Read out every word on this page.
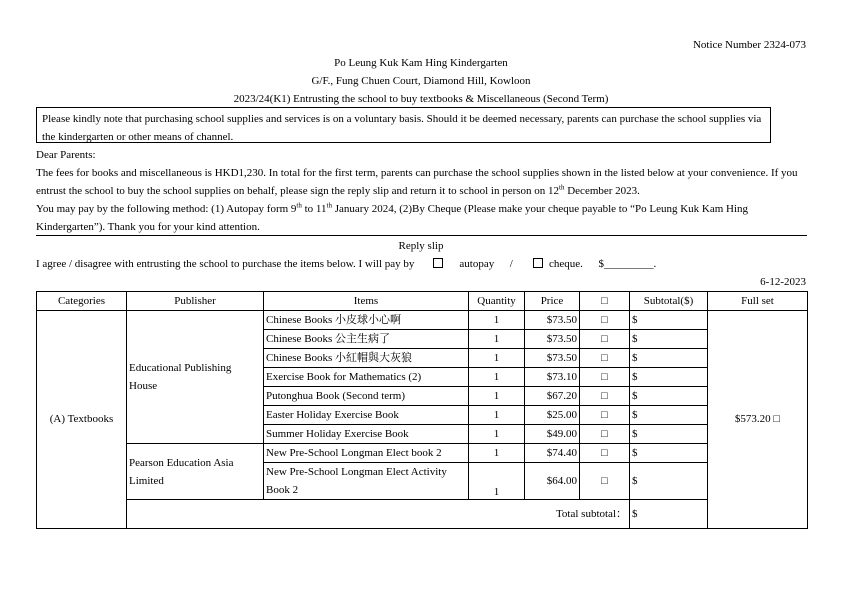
Notice Number 2324-073
Po Leung Kuk Kam Hing Kindergarten
G/F., Fung Chuen Court, Diamond Hill, Kowloon
2023/24(K1) Entrusting the school to buy textbooks & Miscellaneous (Second Term)
Please kindly note that purchasing school supplies and services is on a voluntary basis. Should it be deemed necessary, parents can purchase the school supplies via the kindergarten or other means of channel.
Dear Parents:
The fees for books and miscellaneous is HKD1,230. In total for the first term, parents can purchase the school supplies shown in the listed below at your convenience. If you entrust the school to buy the school supplies on behalf, please sign the reply slip and return it to school in person on 12th December 2023.
You may pay by the following method: (1) Autopay form 9th to 11th January 2024, (2)By Cheque (Please make your cheque payable to “Po Leung Kuk Kam Hing Kindergarten”). Thank you for your kind attention.
Reply slip
I agree / disagree with entrusting the school to purchase the items below. I will pay by	autopay /	cheque. $_________.
6-12-2023
Categories	Publisher	Items	Quantity	Price	□	Subtotal($)	Full set	
(A) Textbooks	Educational Publishing House	Chinese Books 小皮球小心啊	1	$73.50	□	$	$573.20 □	
		Chinese Books 公主生病了	1	$73.50	□	$		
		Chinese Books 小紅帽與大灰狼	1	$73.50	□	$		
		Exercise Book for Mathematics (2)	1	$73.10	□	$		
		Putonghua Book (Second term)	1	$67.20	□	$		
		Easter Holiday Exercise Book	1	$25.00	□	$		
		Summer Holiday Exercise Book	1	$49.00	□	$		
	Pearson Education Asia Limited	New Pre-School Longman Elect book 2	1	$74.40	□	$		
		New Pre-School Longman Elect Activity Book 2	1	$64.00	□	$		
	Total subtotal：					$		
